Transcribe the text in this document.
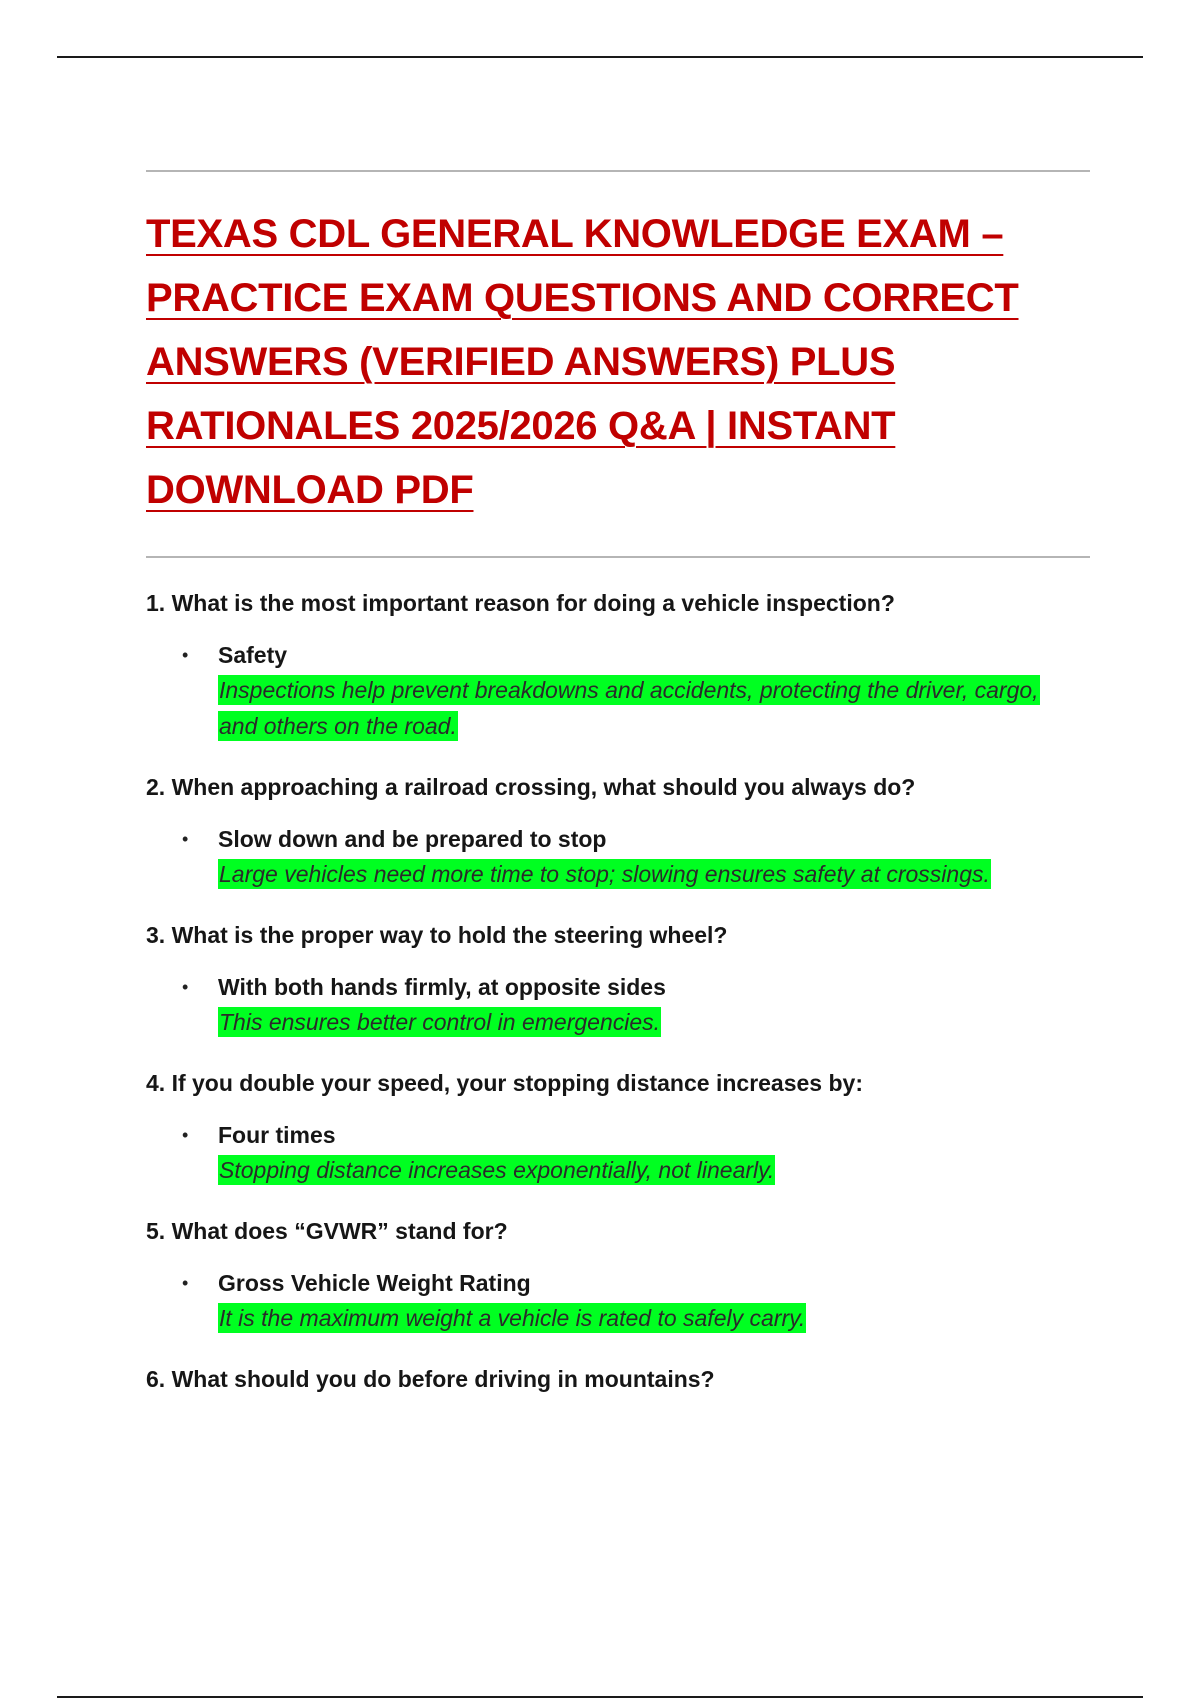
TEXAS CDL GENERAL KNOWLEDGE EXAM – PRACTICE EXAM QUESTIONS AND CORRECT ANSWERS (VERIFIED ANSWERS) PLUS RATIONALES 2025/2026 Q&A | INSTANT DOWNLOAD PDF
1. What is the most important reason for doing a vehicle inspection?
• Safety
Inspections help prevent breakdowns and accidents, protecting the driver, cargo, and others on the road.
2. When approaching a railroad crossing, what should you always do?
• Slow down and be prepared to stop
Large vehicles need more time to stop; slowing ensures safety at crossings.
3. What is the proper way to hold the steering wheel?
• With both hands firmly, at opposite sides
This ensures better control in emergencies.
4. If you double your speed, your stopping distance increases by:
• Four times
Stopping distance increases exponentially, not linearly.
5. What does “GVWR” stand for?
• Gross Vehicle Weight Rating
It is the maximum weight a vehicle is rated to safely carry.
6. What should you do before driving in mountains?
